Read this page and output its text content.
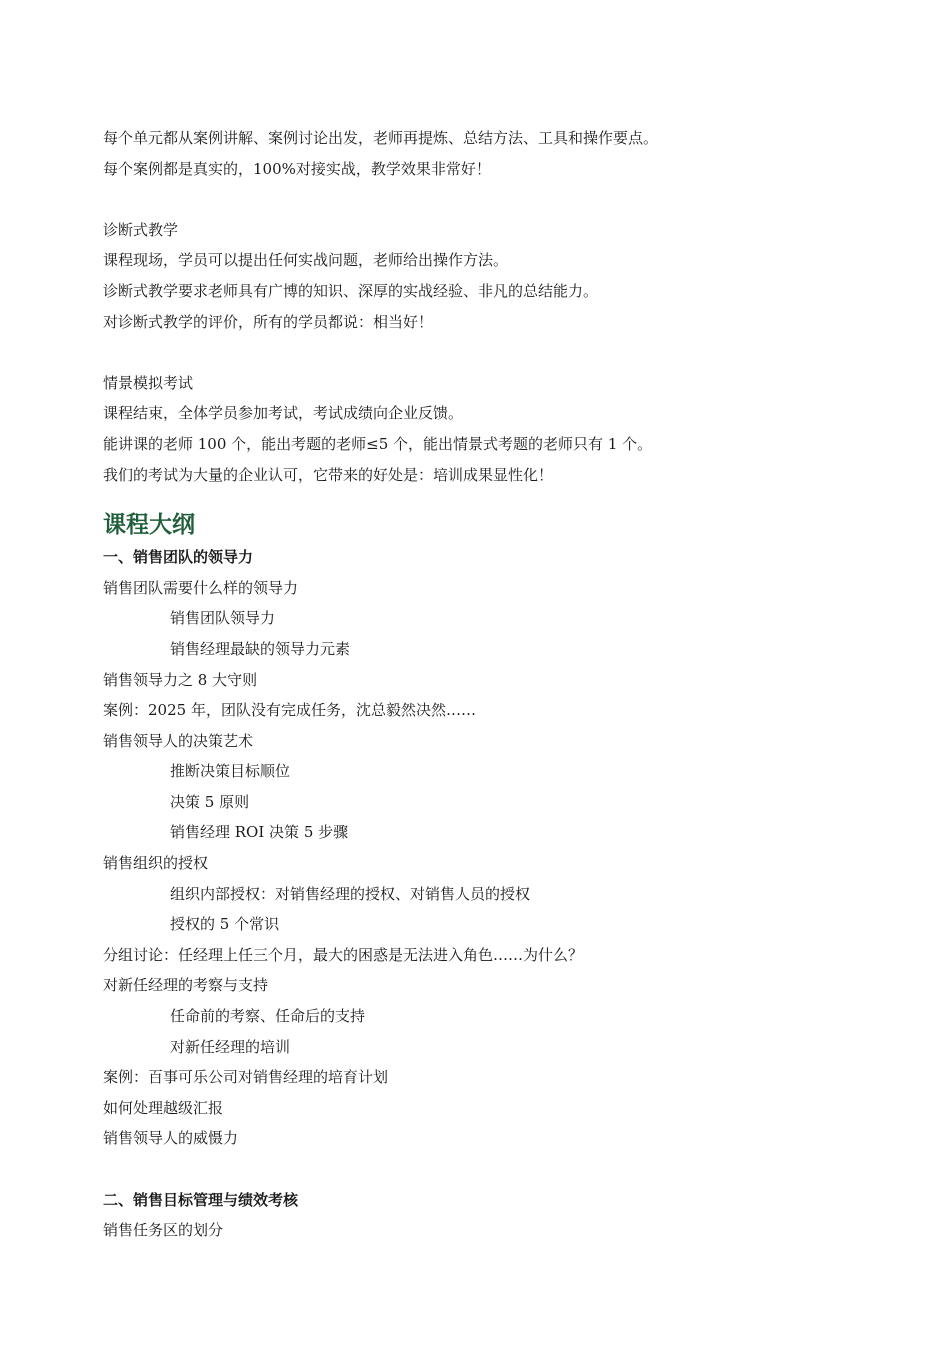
每个单元都从案例讲解、案例讨论出发，老师再提炼、总结方法、工具和操作要点。
每个案例都是真实的，100%对接实战，教学效果非常好！
诊断式教学
课程现场，学员可以提出任何实战问题，老师给出操作方法。
诊断式教学要求老师具有广博的知识、深厚的实战经验、非凡的总结能力。
对诊断式教学的评价，所有的学员都说：相当好！
情景模拟考试
课程结束，全体学员参加考试，考试成绩向企业反馈。
能讲课的老师 100 个，能出考题的老师≤5 个，能出情景式考题的老师只有 1 个。
我们的考试为大量的企业认可，它带来的好处是：培训成果显性化！
课程大纲
一、销售团队的领导力
销售团队需要什么样的领导力
销售团队领导力
销售经理最缺的领导力元素
销售领导力之 8 大守则
案例：2025 年，团队没有完成任务，沈总毅然决然……
销售领导人的决策艺术
推断决策目标顺位
决策 5 原则
销售经理 ROI 决策 5 步骤
销售组织的授权
组织内部授权：对销售经理的授权、对销售人员的授权
授权的 5 个常识
分组讨论：任经理上任三个月，最大的困惑是无法进入角色……为什么？
对新任经理的考察与支持
任命前的考察、任命后的支持
对新任经理的培训
案例：百事可乐公司对销售经理的培育计划
如何处理越级汇报
销售领导人的威慑力
二、销售目标管理与绩效考核
销售任务区的划分
